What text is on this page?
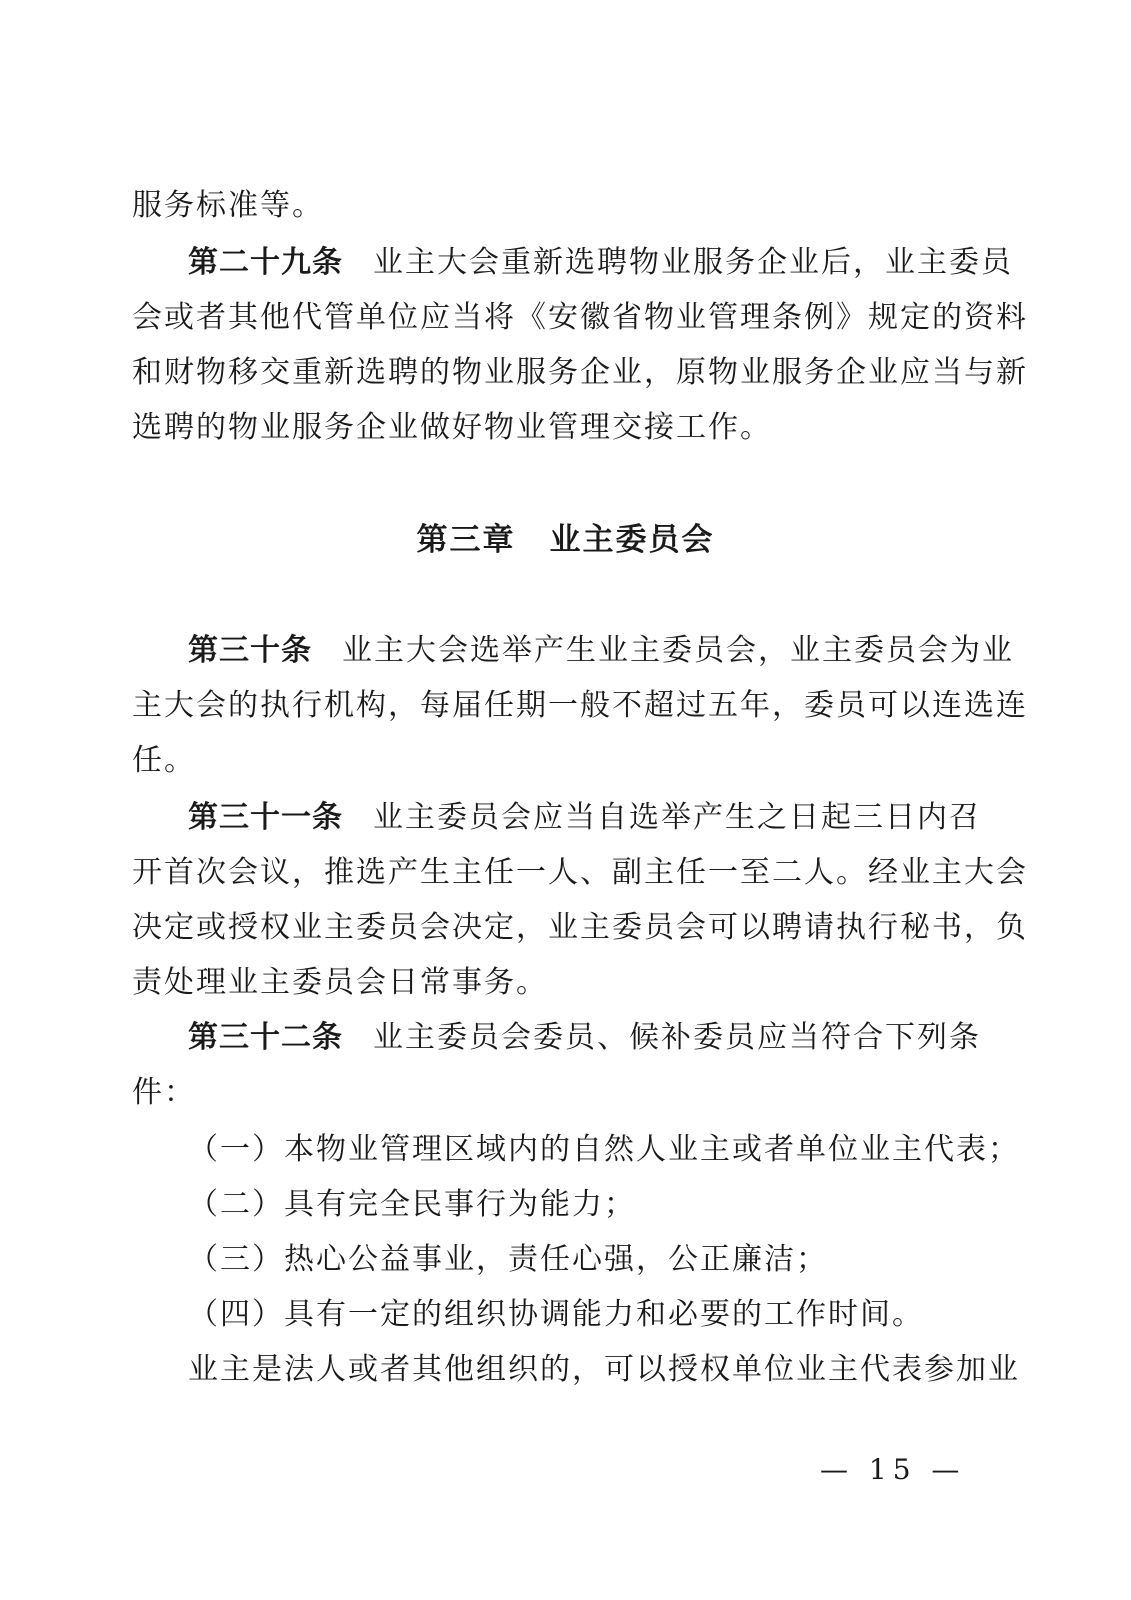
服务标准等。
第二十九条 业主大会重新选聘物业服务企业后，业主委员
会或者其他代管单位应当将《安徽省物业管理条例》规定的资料
和财物移交重新选聘的物业服务企业，原物业服务企业应当与新
选聘的物业服务企业做好物业管理交接工作。
第三章 业主委员会
第三十条 业主大会选举产生业主委员会，业主委员会为业
主大会的执行机构，每届任期一般不超过五年，委员可以连选连
任。
第三十一条 业主委员会应当自选举产生之日起三日内召
开首次会议，推选产生主任一人、副主任一至二人。经业主大会
决定或授权业主委员会决定，业主委员会可以聘请执行秘书，负
责处理业主委员会日常事务。
第三十二条 业主委员会委员、候补委员应当符合下列条
件：
（一）本物业管理区域内的自然人业主或者单位业主代表；
（二）具有完全民事行为能力；
（三）热心公益事业，责任心强，公正廉洁；
（四）具有一定的组织协调能力和必要的工作时间。
业主是法人或者其他组织的，可以授权单位业主代表参加业
— 15 —
